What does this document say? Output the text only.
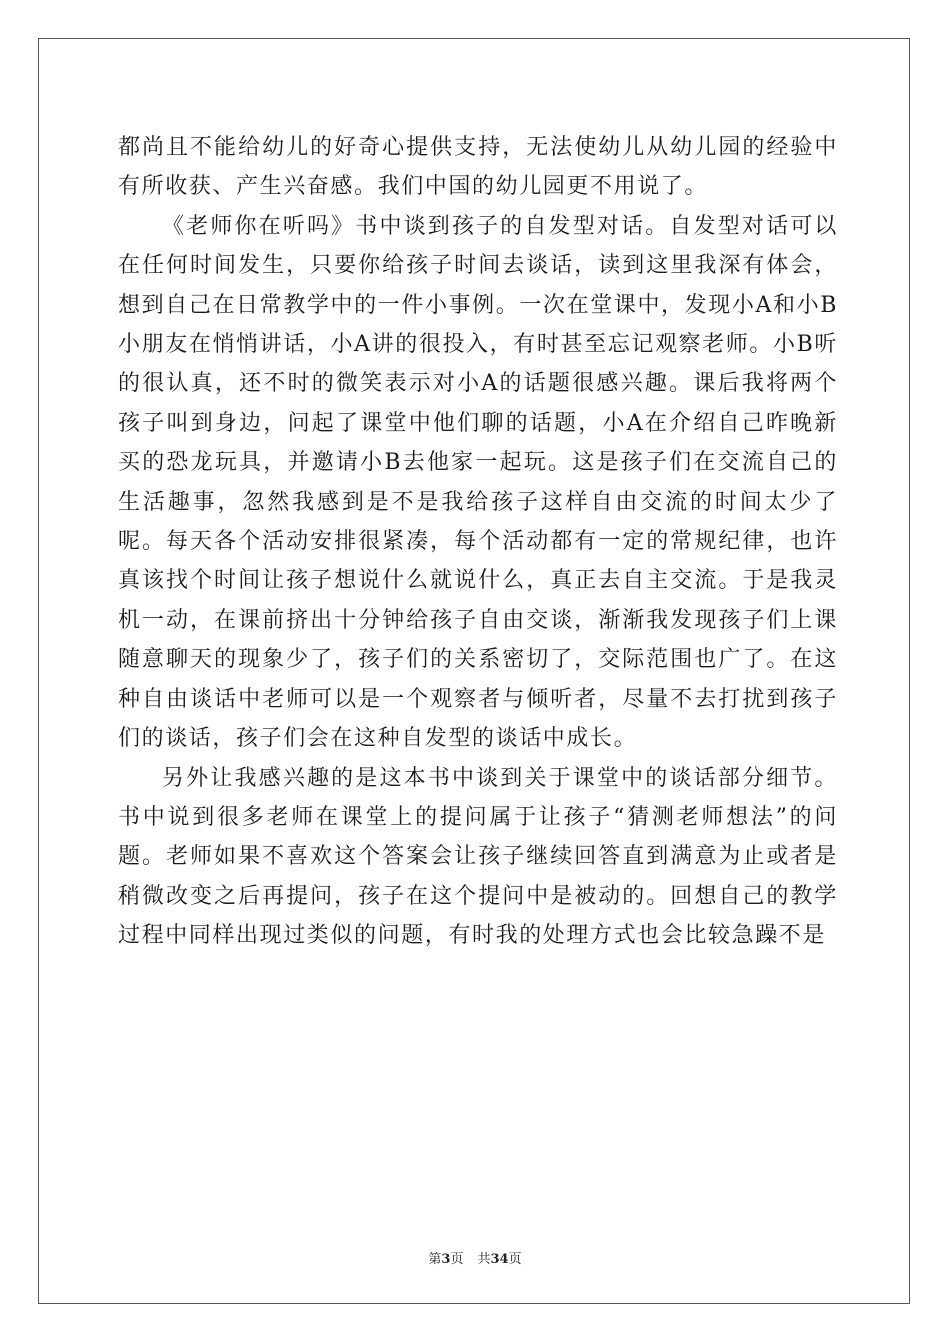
都尚且不能给幼儿的好奇心提供支持，无法使幼儿从幼儿园的经验中有所收获、产生兴奋感。我们中国的幼儿园更不用说了。

《老师你在听吗》书中谈到孩子的自发型对话。自发型对话可以在任何时间发生，只要你给孩子时间去谈话，读到这里我深有体会，想到自己在日常教学中的一件小事例。一次在堂课中，发现小A和小B小朋友在悄悄讲话，小A讲的很投入，有时甚至忘记观察老师。小B听的很认真，还不时的微笑表示对小A的话题很感兴趣。课后我将两个孩子叫到身边，问起了课堂中他们聊的话题，小A在介绍自己昨晚新买的恐龙玩具，并邀请小B去他家一起玩。这是孩子们在交流自己的生活趣事，忽然我感到是不是我给孩子这样自由交流的时间太少了呢。每天各个活动安排很紧凑，每个活动都有一定的常规纪律，也许真该找个时间让孩子想说什么就说什么，真正去自主交流。于是我灵机一动，在课前挤出十分钟给孩子自由交谈，渐渐我发现孩子们上课随意聊天的现象少了，孩子们的关系密切了，交际范围也广了。在这种自由谈话中老师可以是一个观察者与倾听者，尽量不去打扰到孩子们的谈话，孩子们会在这种自发型的谈话中成长。

另外让我感兴趣的是这本书中谈到关于课堂中的谈话部分细节。书中说到很多老师在课堂上的提问属于让孩子“猜测老师想法”的问题。老师如果不喜欢这个答案会让孩子继续回答直到满意为止或者是稍微改变之后再提问，孩子在这个提问中是被动的。回想自己的教学过程中同样出现过类似的问题，有时我的处理方式也会比较急躁不是

第3页 共34页
